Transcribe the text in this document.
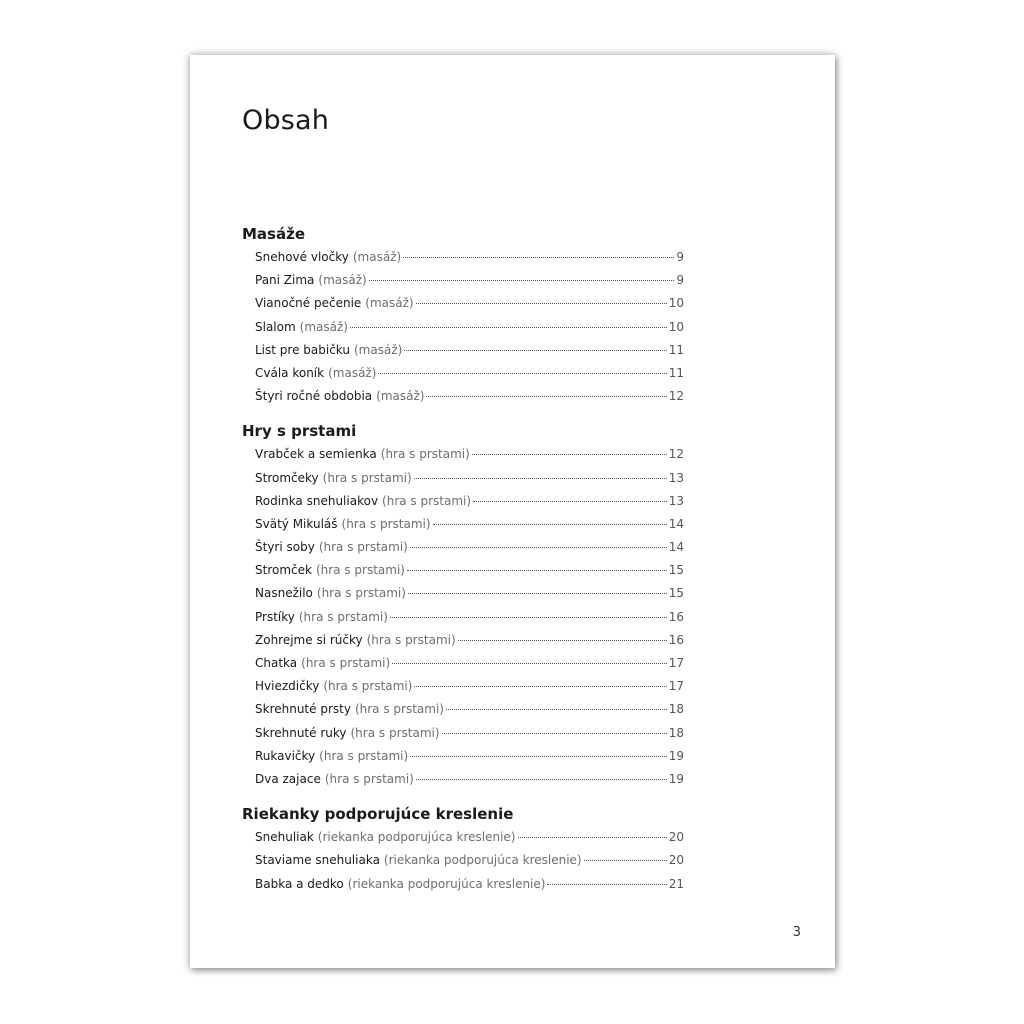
Obsah
Masáže
Snehové vločky (masáž)	9
Pani Zima (masáž)	9
Vianočné pečenie (masáž)	10
Slalom (masáž)	10
List pre babičku (masáž)	11
Cvála koník (masáž)	11
Štyri ročné obdobia (masáž)	12
Hry s prstami
Vrabček a semienka (hra s prstami)	12
Stromčeky (hra s prstami)	13
Rodinka snehuliakov (hra s prstami)	13
Svätý Mikuláš (hra s prstami)	14
Štyri soby (hra s prstami)	14
Stromček (hra s prstami)	15
Nasnežilo (hra s prstami)	15
Prstíky (hra s prstami)	16
Zohrejme si rúčky (hra s prstami)	16
Chatka (hra s prstami)	17
Hviezdičky (hra s prstami)	17
Skrehnuté prsty (hra s prstami)	18
Skrehnuté ruky (hra s prstami)	18
Rukavičky (hra s prstami)	19
Dva zajace (hra s prstami)	19
Riekanky podporujúce kreslenie
Snehuliak (riekanka podporujúca kreslenie)	20
Staviame snehuliaka (riekanka podporujúca kreslenie)	20
Babka a dedko (riekanka podporujúca kreslenie)	21
3
